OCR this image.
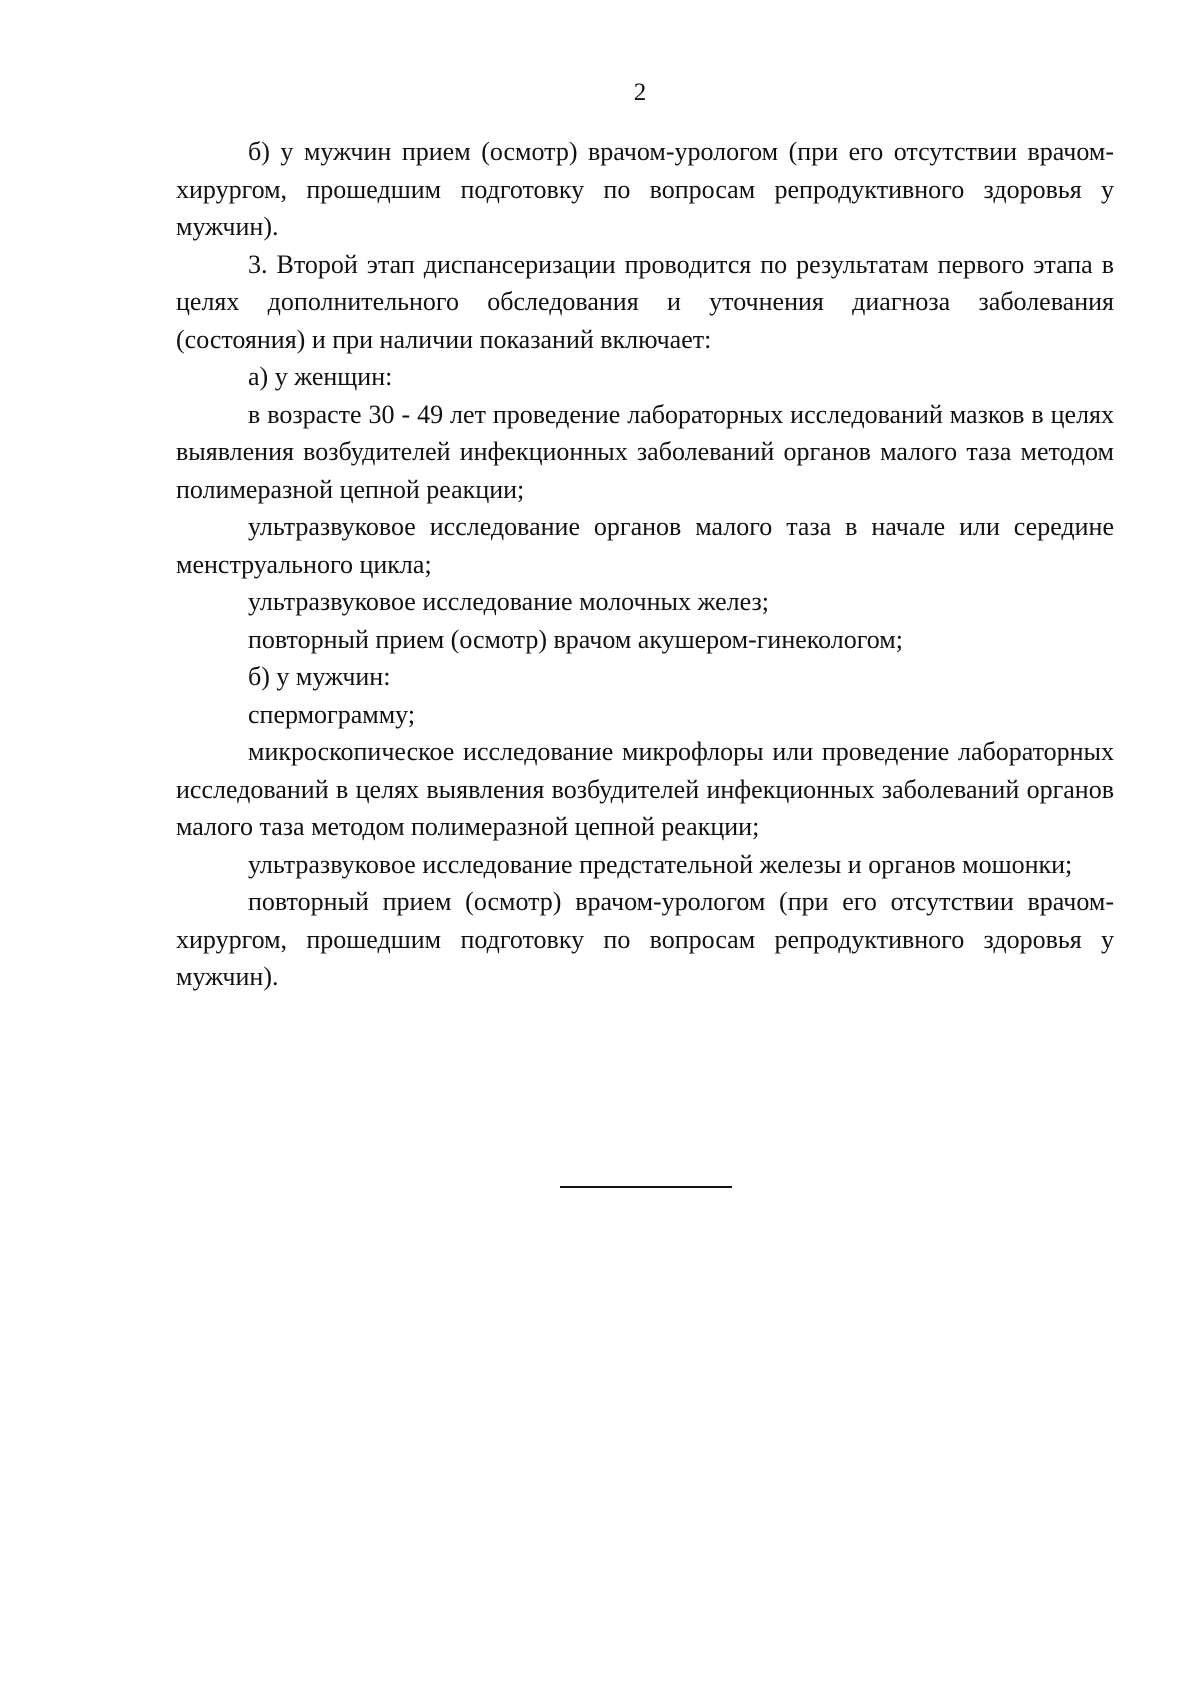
2

б) у мужчин прием (осмотр) врачом-урологом (при его отсутствии врачом-хирургом, прошедшим подготовку по вопросам репродуктивного здоровья у мужчин).

3. Второй этап диспансеризации проводится по результатам первого этапа в целях дополнительного обследования и уточнения диагноза заболевания (состояния) и при наличии показаний включает:

а) у женщин:

в возрасте 30 - 49 лет проведение лабораторных исследований мазков в целях выявления возбудителей инфекционных заболеваний органов малого таза методом полимеразной цепной реакции;

ультразвуковое исследование органов малого таза в начале или середине менструального цикла;

ультразвуковое исследование молочных желез;

повторный прием (осмотр) врачом акушером-гинекологом;

б) у мужчин:

спермограмму;

микроскопическое исследование микрофлоры или проведение лабораторных исследований в целях выявления возбудителей инфекционных заболеваний органов малого таза методом полимеразной цепной реакции;

ультразвуковое исследование предстательной железы и органов мошонки;

повторный прием (осмотр) врачом-урологом (при его отсутствии врачом-хирургом, прошедшим подготовку по вопросам репродуктивного здоровья у мужчин).
